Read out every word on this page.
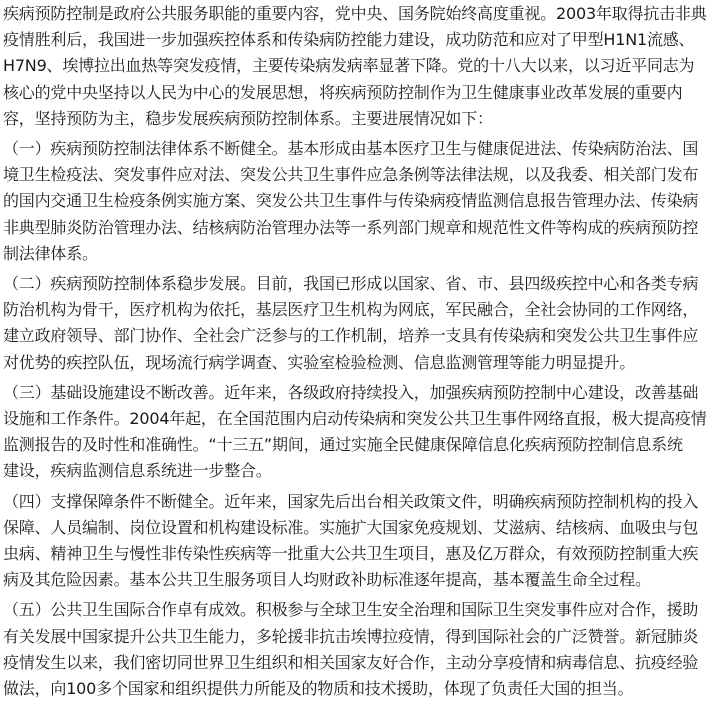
疾病预防控制是政府公共服务职能的重要内容，党中央、国务院始终高度重视。2003年取得抗击非典
疫情胜利后，我国进一步加强疾控体系和传染病防控能力建设，成功防范和应对了甲型H1N1流感、
H7N9、埃博拉出血热等突发疫情，主要传染病发病率显著下降。党的十八大以来，以习近平同志为
核心的党中央坚持以人民为中心的发展思想，将疾病预防控制作为卫生健康事业改革发展的重要内
容，坚持预防为主，稳步发展疾病预防控制体系。主要进展情况如下：

（一）疾病预防控制法律体系不断健全。基本形成由基本医疗卫生与健康促进法、传染病防治法、国
境卫生检疫法、突发事件应对法、突发公共卫生事件应急条例等法律法规，以及我委、相关部门发布
的国内交通卫生检疫条例实施方案、突发公共卫生事件与传染病疫情监测信息报告管理办法、传染病
非典型肺炎防治管理办法、结核病防治管理办法等一系列部门规章和规范性文件等构成的疾病预防控
制法律体系。

（二）疾病预防控制体系稳步发展。目前，我国已形成以国家、省、市、县四级疾控中心和各类专病
防治机构为骨干，医疗机构为依托，基层医疗卫生机构为网底，军民融合，全社会协同的工作网络，
建立政府领导、部门协作、全社会广泛参与的工作机制，培养一支具有传染病和突发公共卫生事件应
对优势的疾控队伍，现场流行病学调查、实验室检验检测、信息监测管理等能力明显提升。

（三）基础设施建设不断改善。近年来，各级政府持续投入，加强疾病预防控制中心建设，改善基础
设施和工作条件。2004年起，在全国范围内启动传染病和突发公共卫生事件网络直报，极大提高疫情
监测报告的及时性和准确性。“十三五”期间，通过实施全民健康保障信息化疾病预防控制信息系统
建设，疾病监测信息系统进一步整合。

（四）支撑保障条件不断健全。近年来，国家先后出台相关政策文件，明确疾病预防控制机构的投入
保障、人员编制、岗位设置和机构建设标准。实施扩大国家免疫规划、艾滋病、结核病、血吸虫与包
虫病、精神卫生与慢性非传染性疾病等一批重大公共卫生项目，惠及亿万群众，有效预防控制重大疾
病及其危险因素。基本公共卫生服务项目人均财政补助标准逐年提高，基本覆盖生命全过程。

（五）公共卫生国际合作卓有成效。积极参与全球卫生安全治理和国际卫生突发事件应对合作，援助
有关发展中国家提升公共卫生能力，多轮援非抗击埃博拉疫情，得到国际社会的广泛赞誉。新冠肺炎
疫情发生以来，我们密切同世界卫生组织和相关国家友好合作，主动分享疫情和病毒信息、抗疫经验
做法，向100多个国家和组织提供力所能及的物质和技术援助，体现了负责任大国的担当。
